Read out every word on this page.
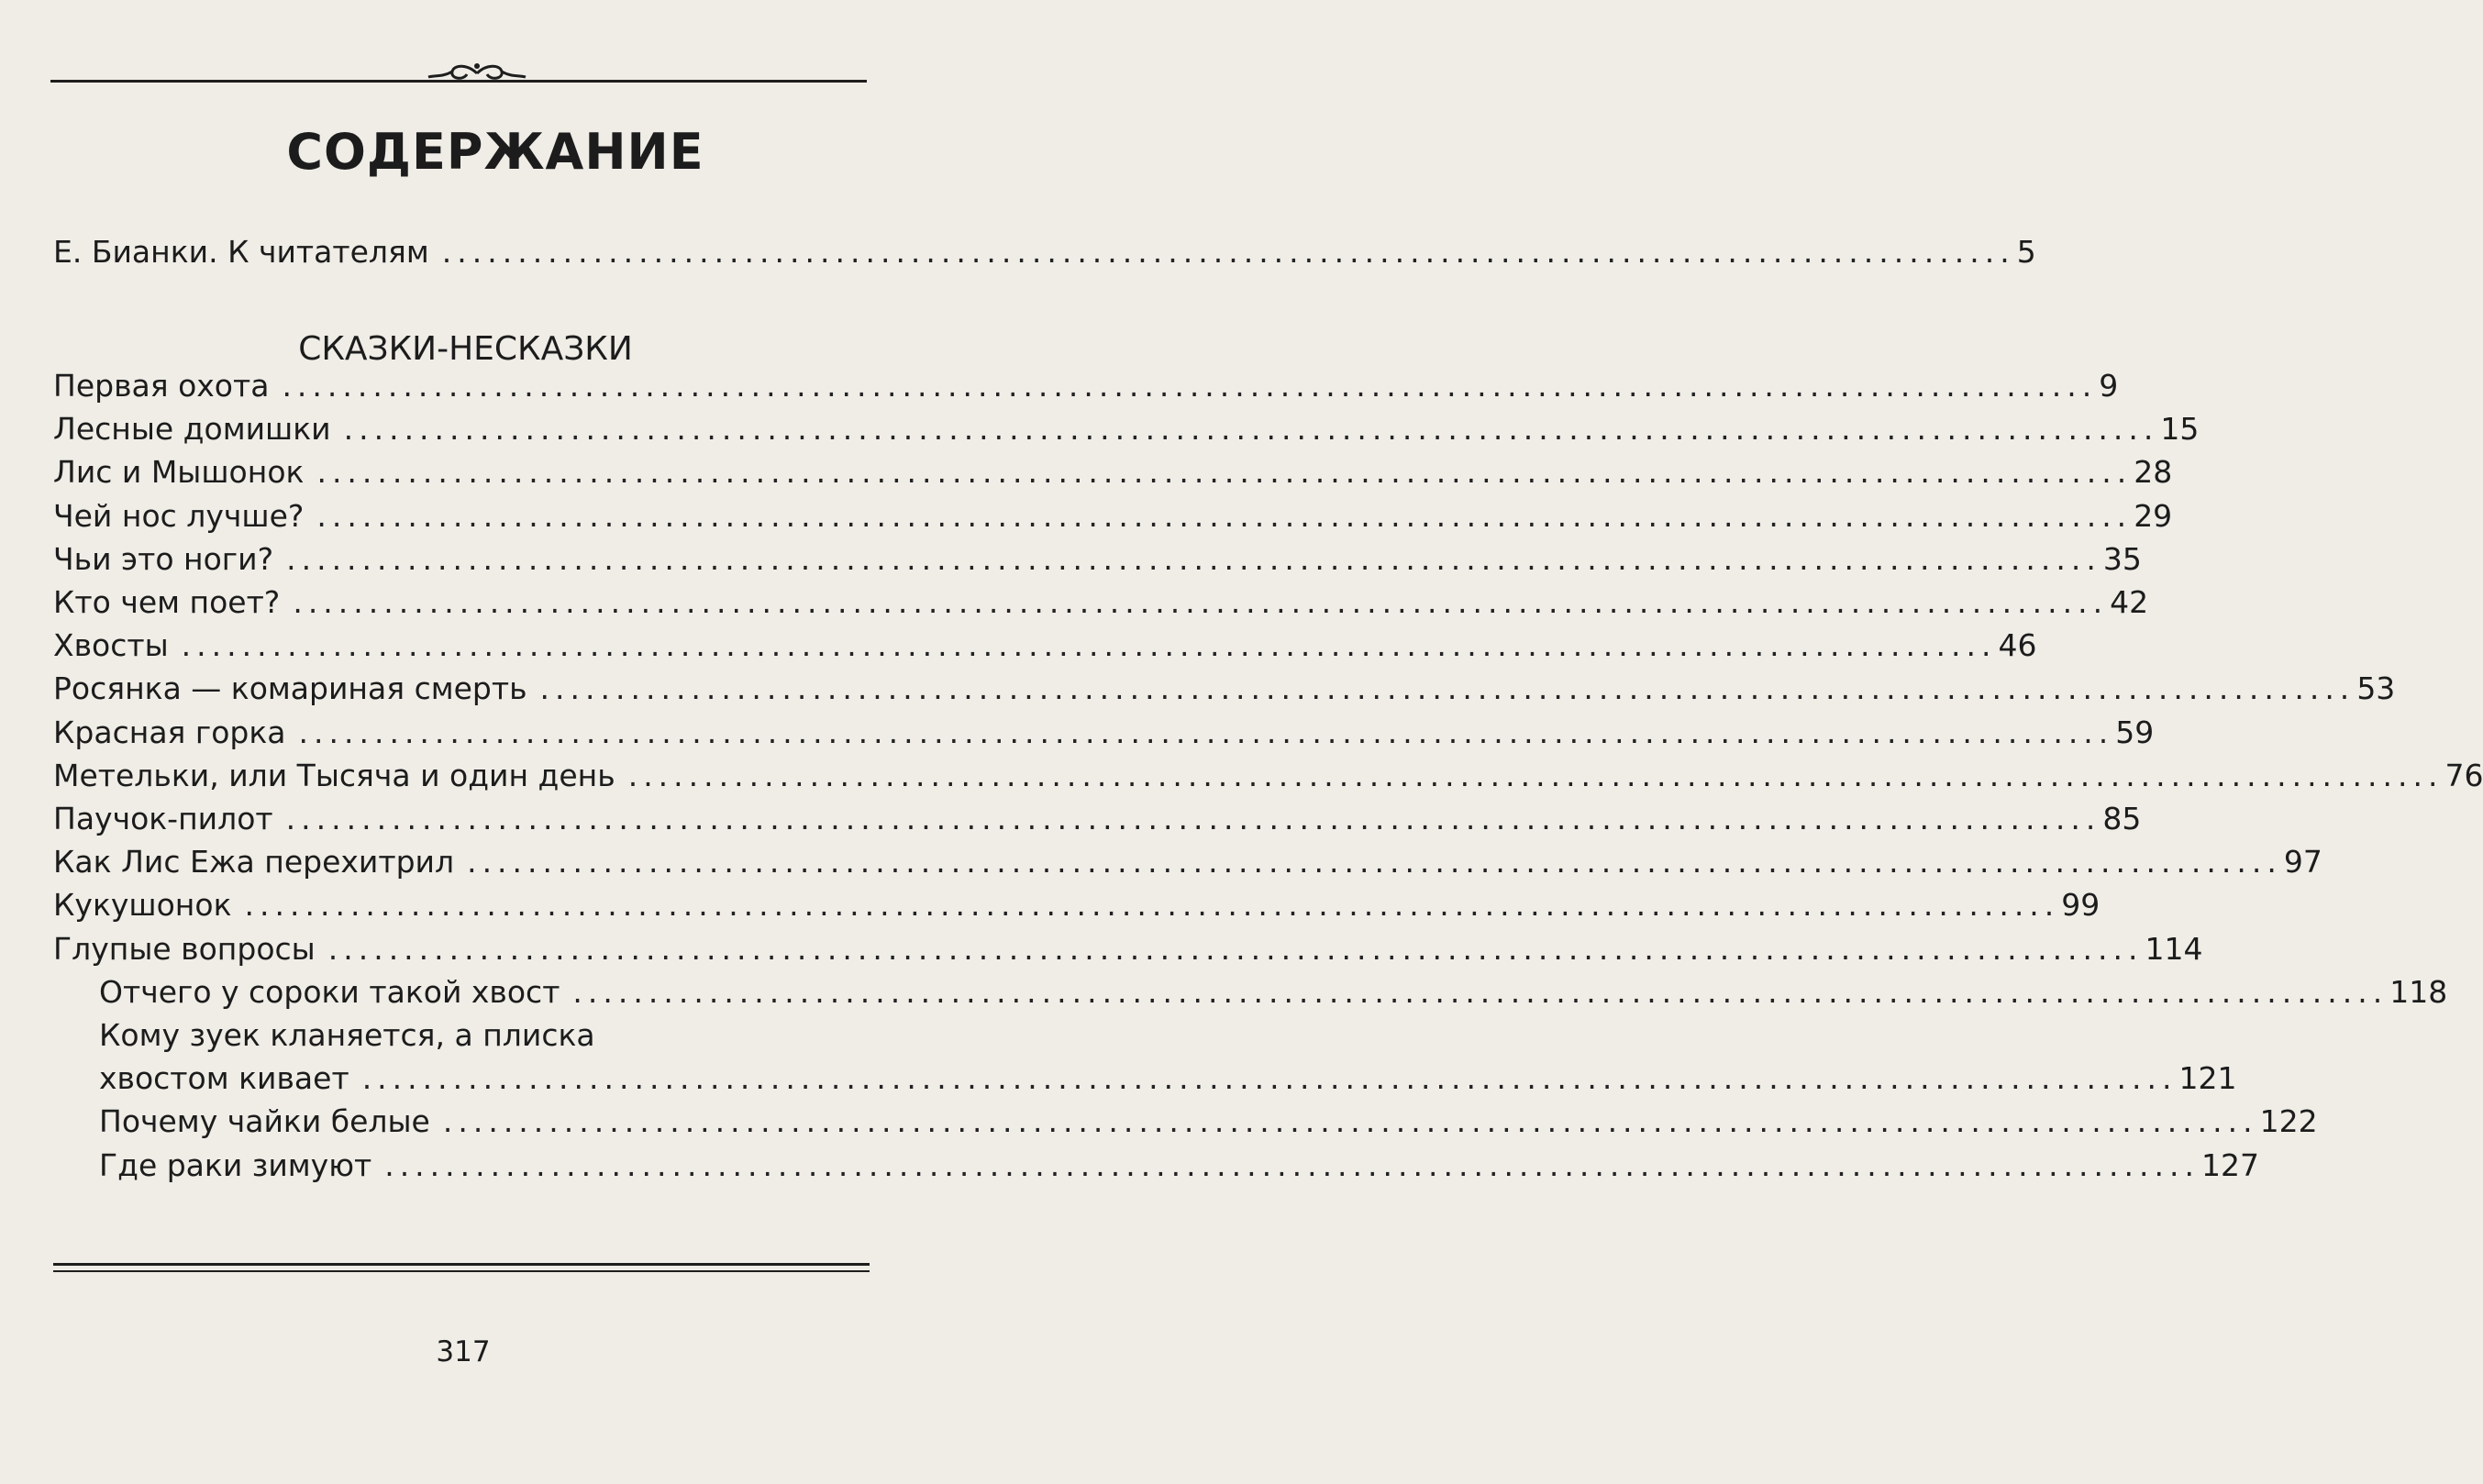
СОДЕРЖАНИЕ
Е. Бианки. К читателям ........................................................................................................ 5
СКАЗКИ-НЕСКАЗКИ
Первая охота ........................................................................................................................ 9
Лесные домишки ........................................................................................................................ 15
Лис и Мышонок ........................................................................................................................ 28
Чей нос лучше? ........................................................................................................................ 29
Чьи это ноги? ........................................................................................................................ 35
Кто чем поет? ........................................................................................................................ 42
Хвосты ........................................................................................................................ 46
Росянка — комариная смерть ........................................................................................................................ 53
Красная горка ........................................................................................................................ 59
Метельки, или Тысяча и один день ........................................................................................................................ 76
Паучок-пилот ........................................................................................................................ 85
Как Лис Ежа перехитрил ........................................................................................................................ 97
Кукушонок ........................................................................................................................ 99
Глупые вопросы ........................................................................................................................ 114
Отчего у сороки такой хвост ........................................................................................................................ 118
Кому зуек кланяется, а плиска
хвостом кивает ........................................................................................................................ 121
Почему чайки белые ........................................................................................................................ 122
Где раки зимуют ........................................................................................................................ 127
317
